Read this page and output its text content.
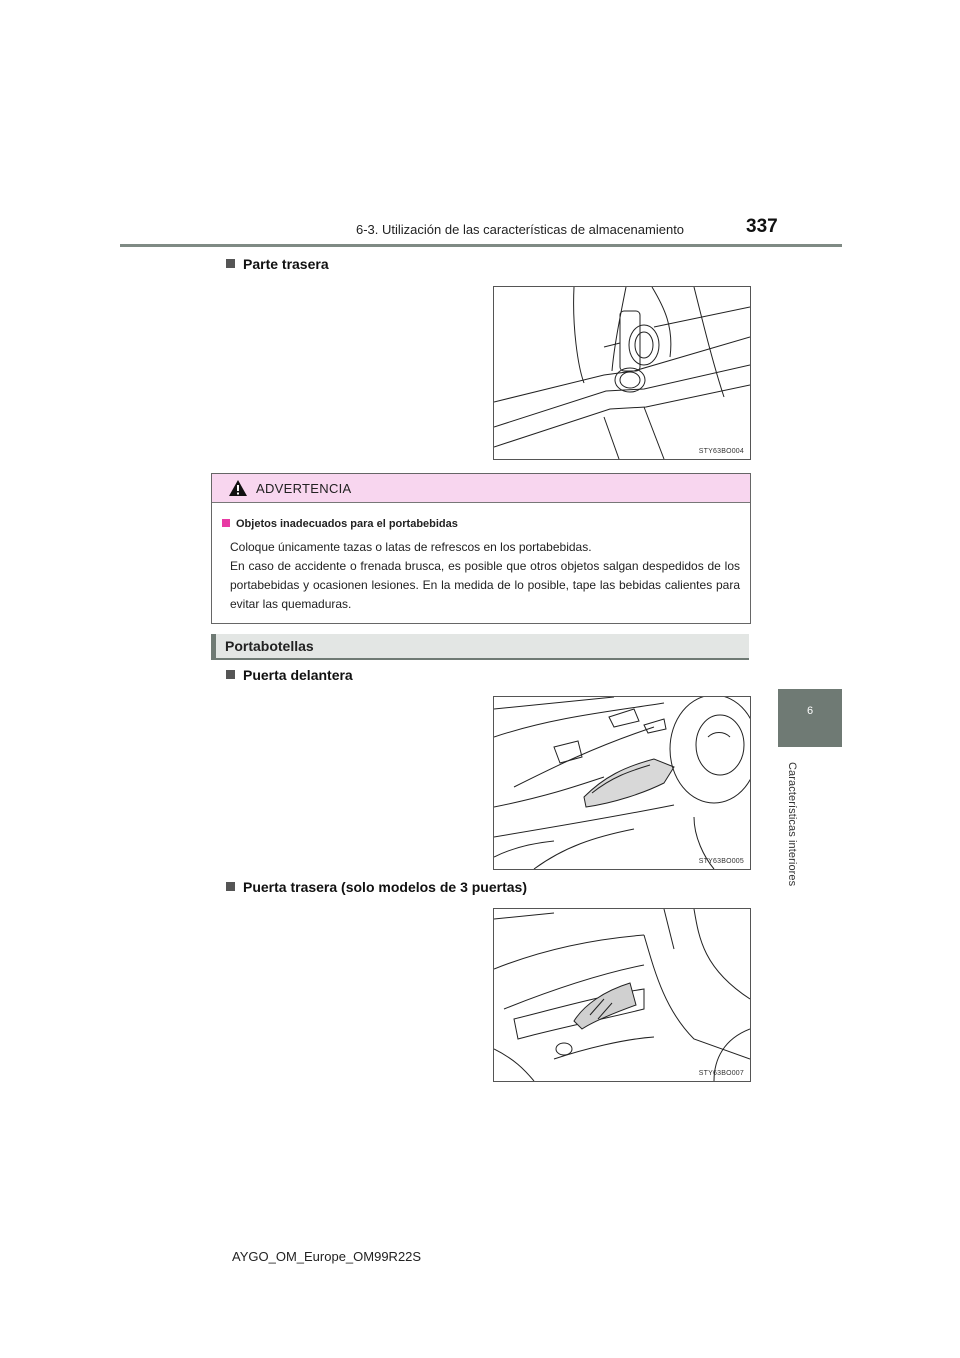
6-3. Utilización de las características de almacenamiento	337
6
Características interiores
Parte trasera
STY63BO004
ADVERTENCIA
Objetos inadecuados para el portabebidas
Coloque únicamente tazas o latas de refrescos en los portabebidas.
En caso de accidente o frenada brusca, es posible que otros objetos salgan despedidos de los portabebidas y ocasionen lesiones. En la medida de lo posible, tape las bebidas calientes para evitar las quemaduras.
Portabotellas
Puerta delantera
STY63BO005
Puerta trasera (solo modelos de 3 puertas)
STY63BO007
AYGO_OM_Europe_OM99R22S
